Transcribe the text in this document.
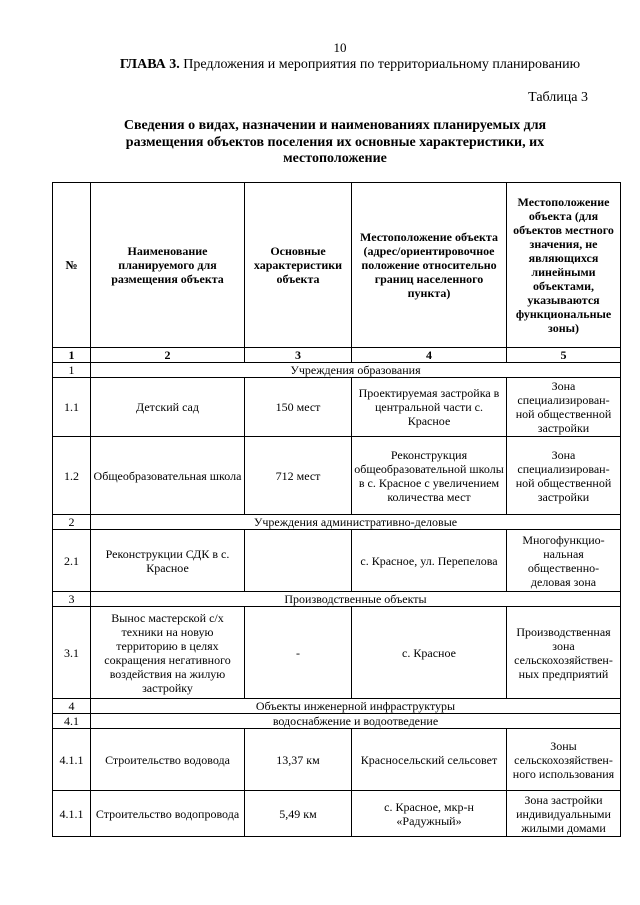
10
ГЛАВА 3. Предложения и мероприятия по территориальному планированию
Таблица 3
Сведения о видах, назначении и наименованиях планируемых для размещения объектов поселения их основные характеристики, их местоположение
№	Наименование планируемого для размещения объекта	Основные характеристики объекта	Местоположение объекта (адрес/ориентировочное положение относительно границ населенного пункта)	Местоположение объекта (для объектов местного значения, не являющихся линейными объектами, указываются функциональные зоны)
1	2	3	4	5
1	Учреждения образования			
1.1	Детский сад	150 мест	Проектируемая застройка в центральной части с. Красное	Зона специализирован-ной общественной застройки
1.2	Общеобразовательная школа	712 мест	Реконструкция общеобразовательной школы в с. Красное с увеличением количества мест	Зона специализирован-ной общественной застройки
2	Учреждения административно-деловые			
2.1	Реконструкции СДК в с. Красное		с. Красное, ул. Перепелова	Многофункцио-нальная общественно-деловая зона
3	Производственные объекты			
3.1	Вынос мастерской с/х техники на новую территорию в целях сокращения негативного воздействия на жилую застройку	-	с. Красное	Производственная зона сельскохозяйствен-ных предприятий
4	Объекты инженерной инфраструктуры			
4.1	водоснабжение и водоотведение			
4.1.1	Строительство водовода	13,37 км	Красносельский сельсовет	Зоны сельскохозяйствен-ного использования
4.1.1	Строительство водопровода	5,49 км	с. Красное, мкр-н «Радужный»	Зона застройки индивидуальными жилыми домами
